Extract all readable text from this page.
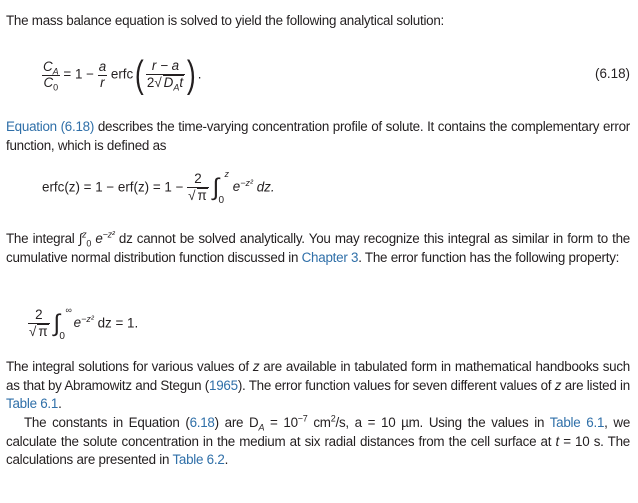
The mass balance equation is solved to yield the following analytical solution:
$\frac{C_A}{C_0} = 1 - \frac{a}{r}$ erfc( $\frac{r - a}{2√ D_At}$ ) .	(6.18)
Equation (6.18) describes the time-varying concentration profile of solute. It contains the complementary error function, which is defined as
erfc(z) = $1 - erf(z) = 1 - \frac{2}{√ \pi}$ ∫ z
0
$e^{-z^2}$ dz.
The integral ∫$^z_0$ $e^{-z^2}$ dz cannot be solved analytically. You may recognize this integral as similar in form to the cumulative normal distribution function discussed in Chapter 3. The error function has the following property:
$\frac{2}{√ \pi}$ ∫ ∞
0
$e^{-z^2}$ dz = 1.
The integral solutions for various values of z are available in tabulated form in mathematical handbooks such as that by Abramowitz and Stegun (1965). The error function values for seven different values of z are listed in Table 6.1.
The constants in Equation (6.18) are $D_A = 10^{-7}$ $cm^2/s$, a = 10 µm. Using the values in Table 6.1, we calculate the solute concentration in the medium at six radial distances from the cell surface at t = 10 s. The calculations are presented in Table 6.2.
